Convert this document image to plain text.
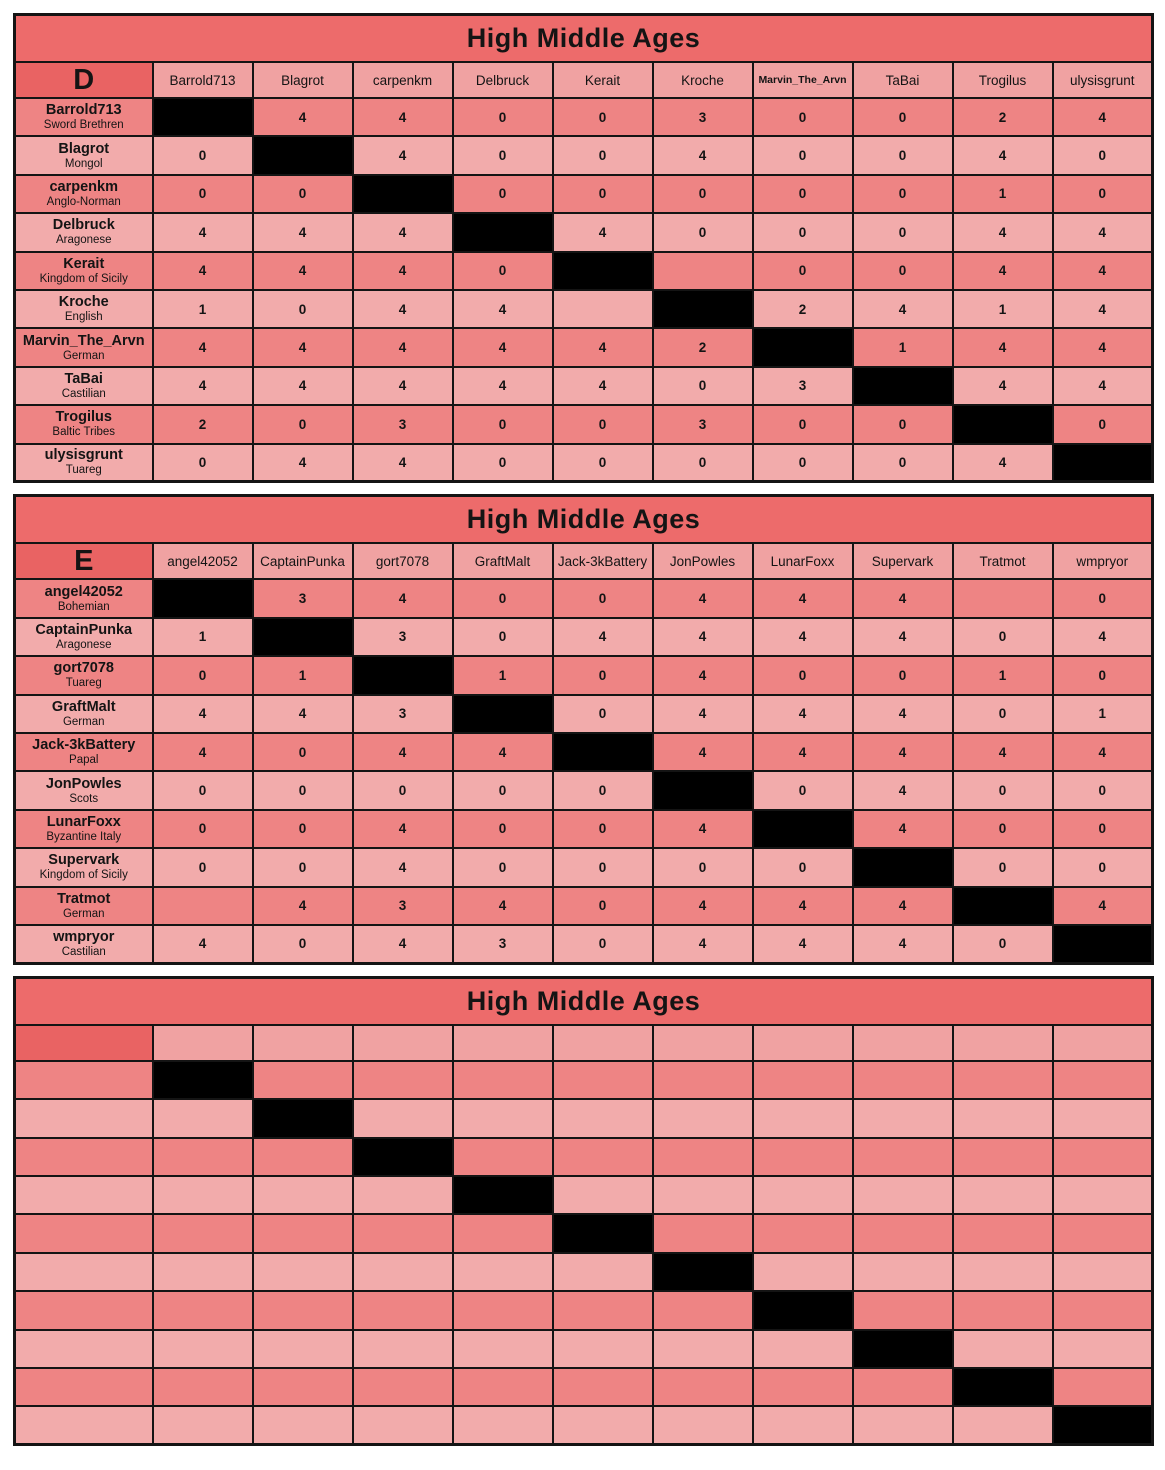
High Middle Ages										
D	Barrold713	Blagrot	carpenkm	Delbruck	Kerait	Kroche	Marvin_The_Arvn	TaBai	Trogilus	ulysisgrunt

Barrold713
Sword Brethren		4	4	0	0	3	0	0	2	4

Blagrot
Mongol	0		4	0	0	4	0	0	4	0

carpenkm
Anglo-Norman	0	0		0	0	0	0	0	1	0

Delbruck
Aragonese	4	4	4		4	0	0	0	4	4

Kerait
Kingdom of Sicily	4	4	4	0			0	0	4	4

Kroche
English	1	0	4	4			2	4	1	4

Marvin_The_Arvn
German	4	4	4	4	4	2		1	4	4

TaBai
Castilian	4	4	4	4	4	0	3		4	4

Trogilus
Baltic Tribes	2	0	3	0	0	3	0	0		0

ulysisgrunt
Tuareg	0	4	4	0	0	0	0	0	4	
High Middle Ages										
E	angel42052	CaptainPunka	gort7078	GraftMalt	Jack-3kBattery	JonPowles	LunarFoxx	Supervark	Tratmot	wmpryor

angel42052
Bohemian		3	4	0	0	4	4	4		0

CaptainPunka
Aragonese	1		3	0	4	4	4	4	0	4

gort7078
Tuareg	0	1		1	0	4	0	0	1	0

GraftMalt
German	4	4	3		0	4	4	4	0	1

Jack-3kBattery
Papal	4	0	4	4		4	4	4	4	4

JonPowles
Scots	0	0	0	0	0		0	4	0	0

LunarFoxx
Byzantine Italy	0	0	4	0	0	4		4	0	0

Supervark
Kingdom of Sicily	0	0	4	0	0	0	0		0	0

Tratmot
German		4	3	4	0	4	4	4		4

wmpryor
Castilian	4	0	4	3	0	4	4	4	0	
High Middle Ages										
